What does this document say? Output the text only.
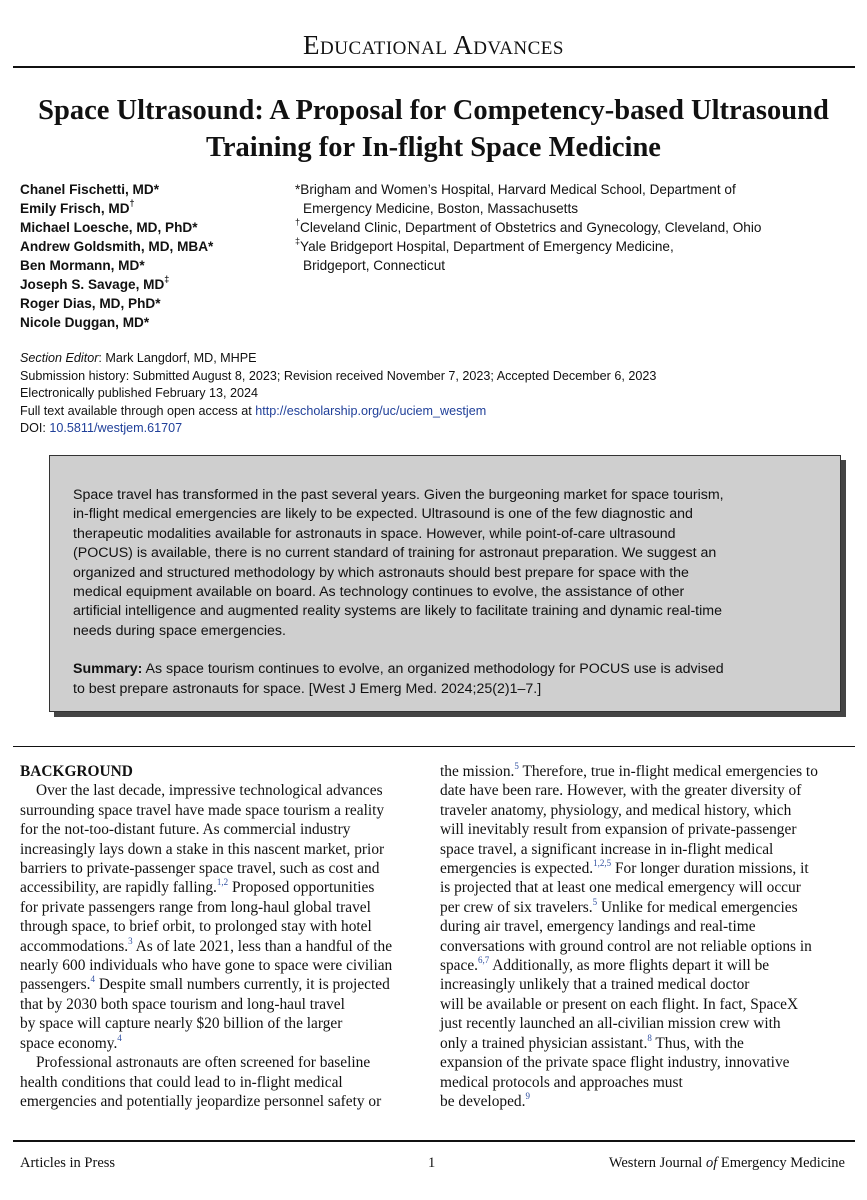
Educational Advances
Space Ultrasound: A Proposal for Competency-based Ultrasound
Training for In-flight Space Medicine
Chanel Fischetti, MD*
Emily Frisch, MD†
Michael Loesche, MD, PhD*
Andrew Goldsmith, MD, MBA*
Ben Mormann, MD*
Joseph S. Savage, MD‡
Roger Dias, MD, PhD*
Nicole Duggan, MD*
*Brigham and Women’s Hospital, Harvard Medical School, Department of
Emergency Medicine, Boston, Massachusetts
†Cleveland Clinic, Department of Obstetrics and Gynecology, Cleveland, Ohio
‡Yale Bridgeport Hospital, Department of Emergency Medicine,
Bridgeport, Connecticut
Section Editor: Mark Langdorf, MD, MHPE
Submission history: Submitted August 8, 2023; Revision received November 7, 2023; Accepted December 6, 2023
Electronically published February 13, 2024
Full text available through open access at http://escholarship.org/uc/uciem_westjem
DOI: 10.5811/westjem.61707
Space travel has transformed in the past several years. Given the burgeoning market for space tourism,
in-flight medical emergencies are likely to be expected. Ultrasound is one of the few diagnostic and
therapeutic modalities available for astronauts in space. However, while point-of-care ultrasound
(POCUS) is available, there is no current standard of training for astronaut preparation. We suggest an
organized and structured methodology by which astronauts should best prepare for space with the
medical equipment available on board. As technology continues to evolve, the assistance of other
artificial intelligence and augmented reality systems are likely to facilitate training and dynamic real-time
needs during space emergencies.
Summary: As space tourism continues to evolve, an organized methodology for POCUS use is advised
to best prepare astronauts for space. [West J Emerg Med. 2024;25(2)1–7.]
BACKGROUND
Over the last decade, impressive technological advances
surrounding space travel have made space tourism a reality
for the not-too-distant future. As commercial industry
increasingly lays down a stake in this nascent market, prior
barriers to private-passenger space travel, such as cost and
accessibility, are rapidly falling.$^{1,2}$ Proposed opportunities
for private passengers range from long-haul global travel
through space, to brief orbit, to prolonged stay with hotel
accommodations.$^3$ As of late 2021, less than a handful of the
nearly 600 individuals who have gone to space were civilian
passengers.$^4$ Despite small numbers currently, it is projected
that by 2030 both space tourism and long-haul travel
by space will capture nearly $20 billion of the larger
space economy.$^4$
Professional astronauts are often screened for baseline
health conditions that could lead to in-flight medical
emergencies and potentially jeopardize personnel safety or
the mission.$^5$ Therefore, true in-flight medical emergencies to
date have been rare. However, with the greater diversity of
traveler anatomy, physiology, and medical history, which
will inevitably result from expansion of private-passenger
space travel, a significant increase in in-flight medical
emergencies is expected.$^{1,2,5}$ For longer duration missions, it
is projected that at least one medical emergency will occur
per crew of six travelers.$^5$ Unlike for medical emergencies
during air travel, emergency landings and real-time
conversations with ground control are not reliable options in
space.$^{6,7}$ Additionally, as more flights depart it will be
increasingly unlikely that a trained medical doctor
will be available or present on each flight. In fact, SpaceX
just recently launched an all-civilian mission crew with
only a trained physician assistant.$^8$ Thus, with the
expansion of the private space flight industry, innovative
medical protocols and approaches must
be developed.$^9$
Articles in Press	1	Western Journal of Emergency Medicine
